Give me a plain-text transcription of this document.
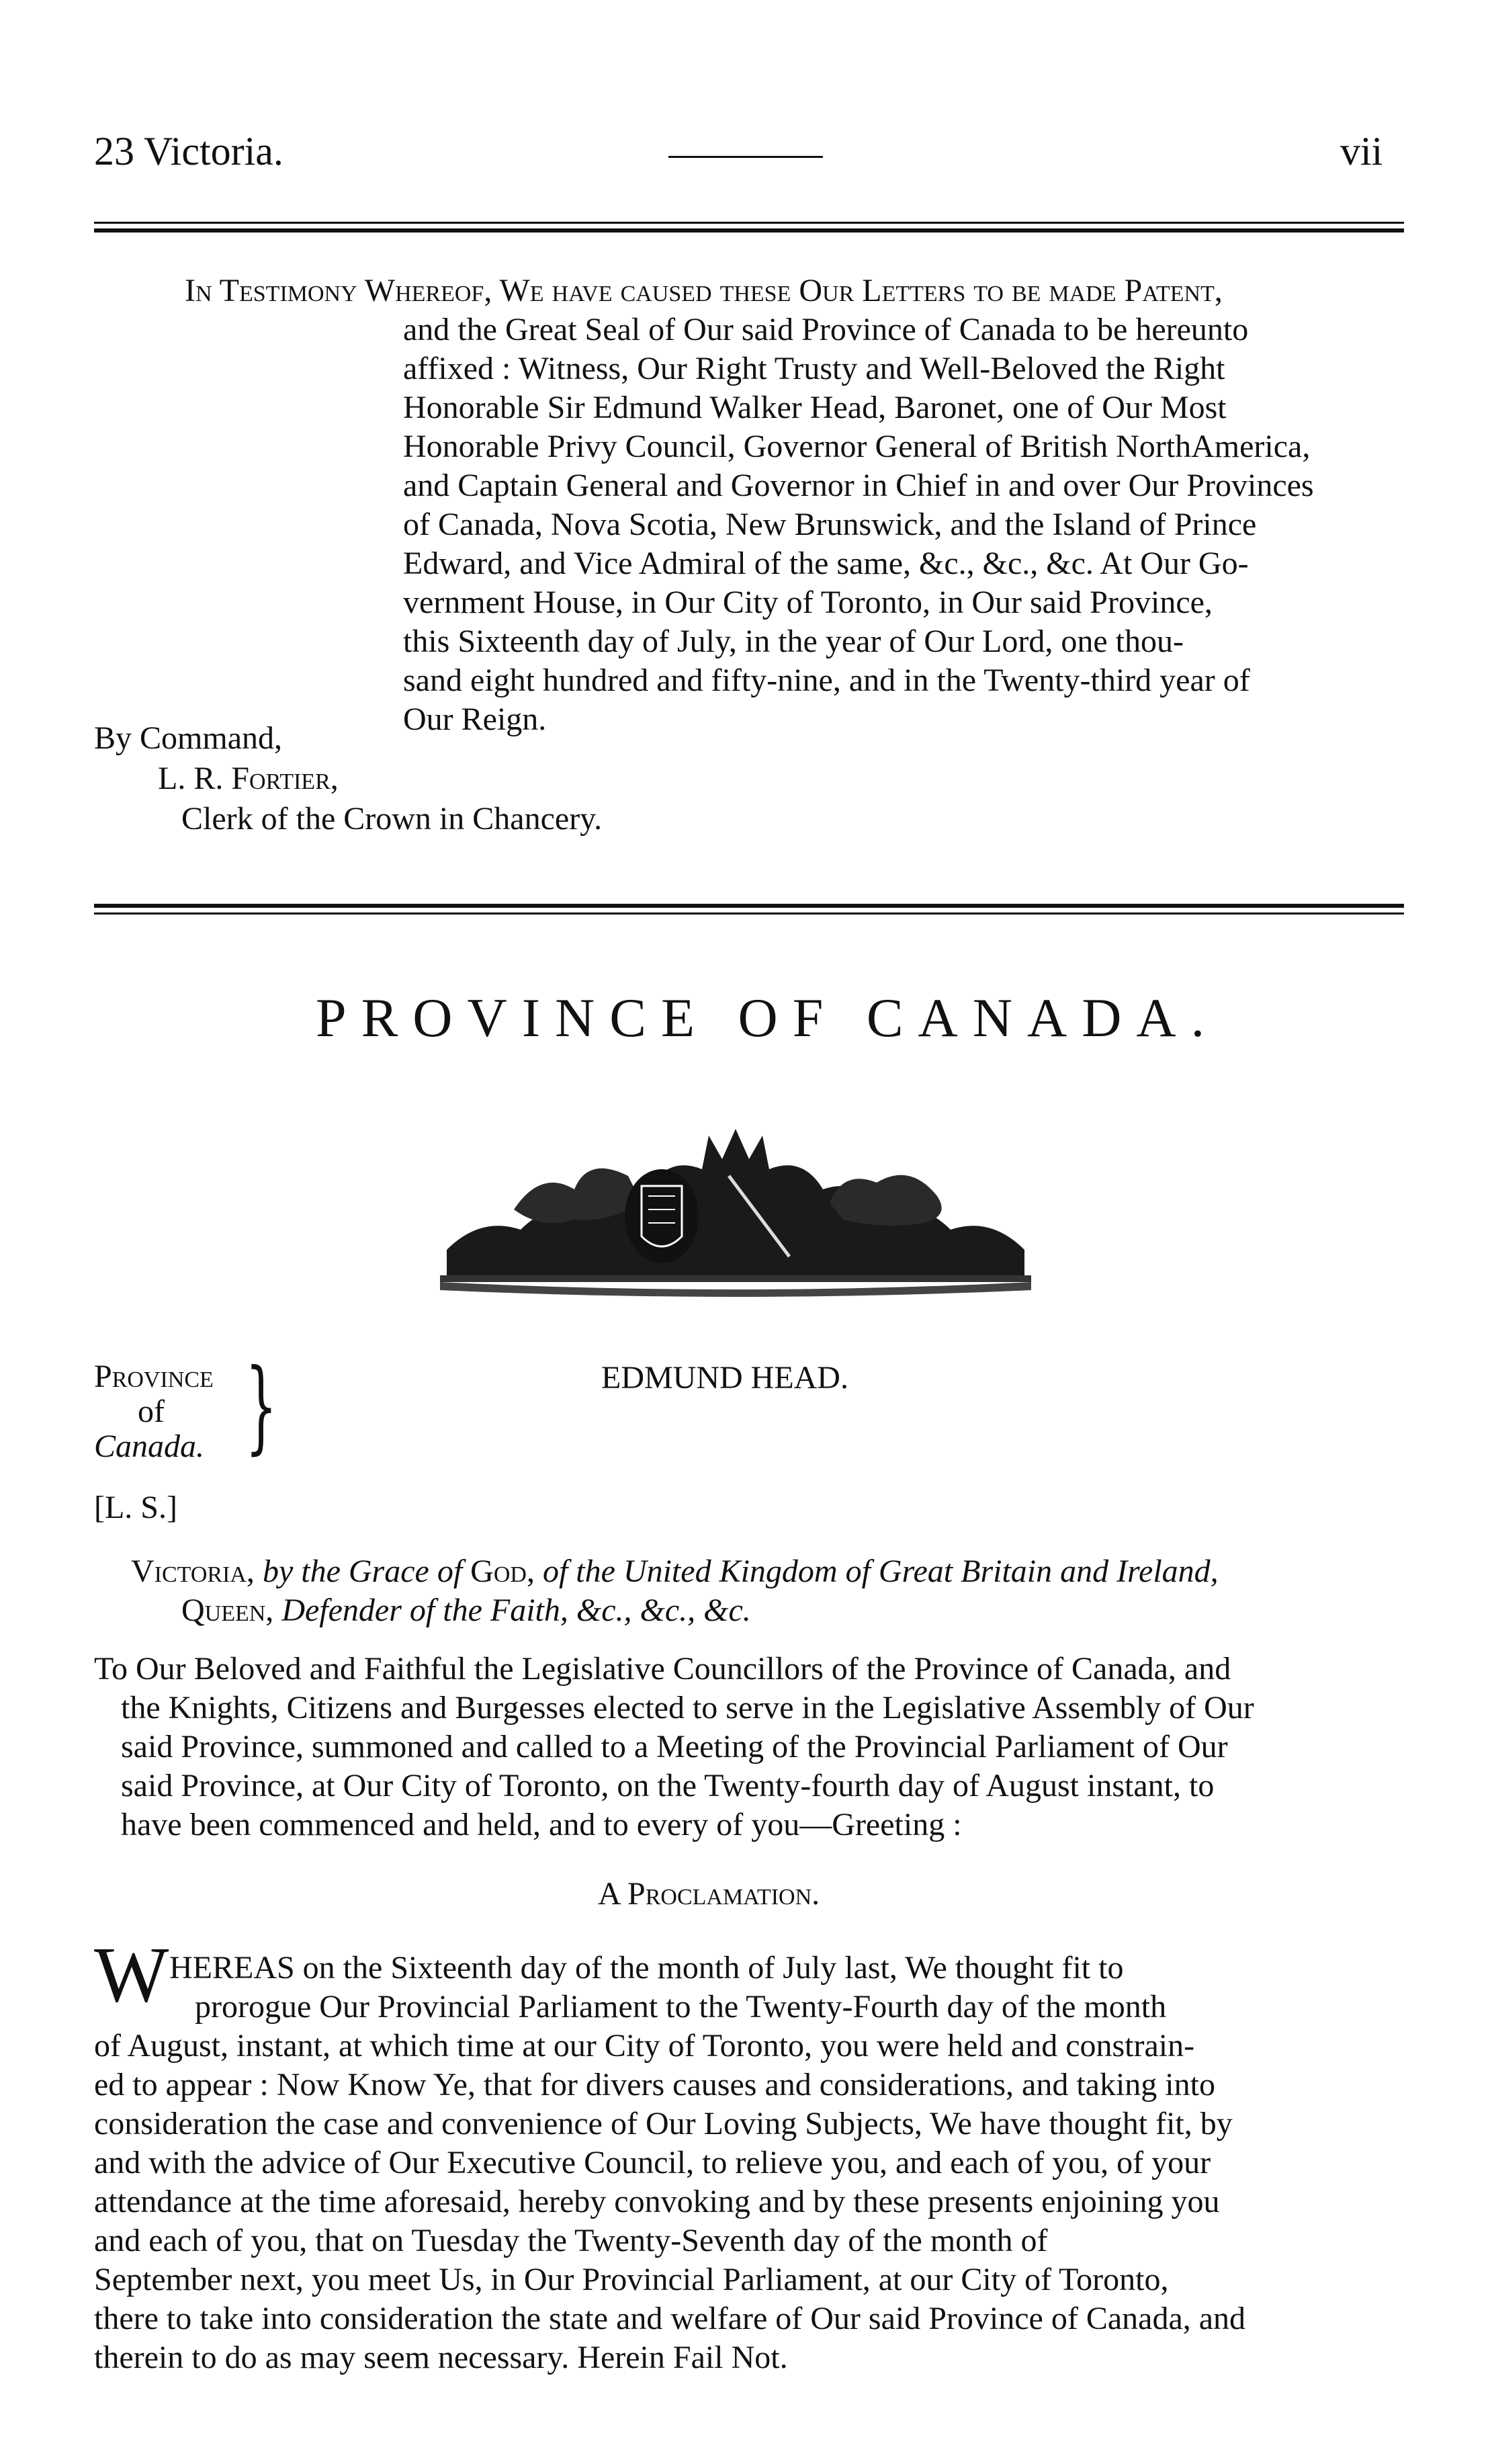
23 Victoria.	vii
In Testimony Whereof, We have caused these Our Letters to be made Patent,
and the Great Seal of Our said Province of Canada to be hereunto
affixed : Witness, Our Right Trusty and Well-Beloved the Right
Honorable Sir Edmund Walker Head, Baronet, one of Our Most
Honorable Privy Council, Governor General of British NorthAmerica,
and Captain General and Governor in Chief in and over Our Provinces
of Canada, Nova Scotia, New Brunswick, and the Island of Prince
Edward, and Vice Admiral of the same, &c., &c., &c. At Our Go-
vernment House, in Our City of Toronto, in Our said Province,
this Sixteenth day of July, in the year of Our Lord, one thou-
sand eight hundred and fifty-nine, and in the Twenty-third year of
Our Reign.
By Command,
L. R. Fortier,
Clerk of the Crown in Chancery.
PROVINCE OF CANADA.
Province
of
Canada. }	EDMUND HEAD.
[L. S.]
Victoria, by the Grace of God, of the United Kingdom of Great Britain and Ireland,
Queen, Defender of the Faith, &c., &c., &c.
To Our Beloved and Faithful the Legislative Councillors of the Province of Canada, and
the Knights, Citizens and Burgesses elected to serve in the Legislative Assembly of Our
said Province, summoned and called to a Meeting of the Provincial Parliament of Our
said Province, at Our City of Toronto, on the Twenty-fourth day of August instant, to
have been commenced and held, and to every of you—Greeting :
A Proclamation.
W HEREAS on the Sixteenth day of the month of July last, We thought fit to
prorogue Our Provincial Parliament to the Twenty-Fourth day of the month
of August, instant, at which time at our City of Toronto, you were held and constrain-
ed to appear : Now Know Ye, that for divers causes and considerations, and taking into
consideration the case and convenience of Our Loving Subjects, We have thought fit, by
and with the advice of Our Executive Council, to relieve you, and each of you, of your
attendance at the time aforesaid, hereby convoking and by these presents enjoining you
and each of you, that on Tuesday the Twenty-Seventh day of the month of
September next, you meet Us, in Our Provincial Parliament, at our City of Toronto,
there to take into consideration the state and welfare of Our said Province of Canada, and
therein to do as may seem necessary. Herein Fail Not.
